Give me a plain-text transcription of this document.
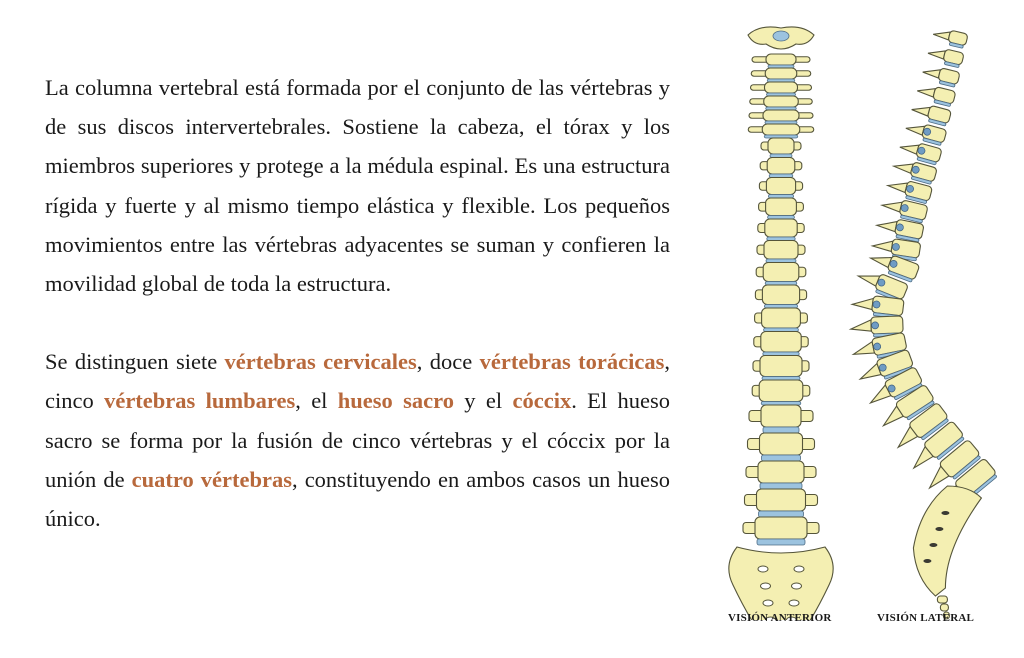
La columna vertebral está formada por el conjunto de las vértebras y de sus discos intervertebrales. Sostiene la cabeza, el tórax y los miembros superiores y protege a la médula espinal. Es una estructura rígida y fuerte y al mismo tiempo elástica y flexible. Los pequeños movimientos entre las vértebras adyacentes se suman y confieren la movilidad global de toda la estructura.

Se distinguen siete vértebras cervicales, doce vértebras torácicas, cinco vértebras lumbares, el hueso sacro y el cóccix. El hueso sacro se forma por la fusión de cinco vértebras y el cóccix por la unión de cuatro vértebras, constituyendo en ambos casos un hueso único.

VISIÓN ANTERIOR	VISIÓN LATERAL
